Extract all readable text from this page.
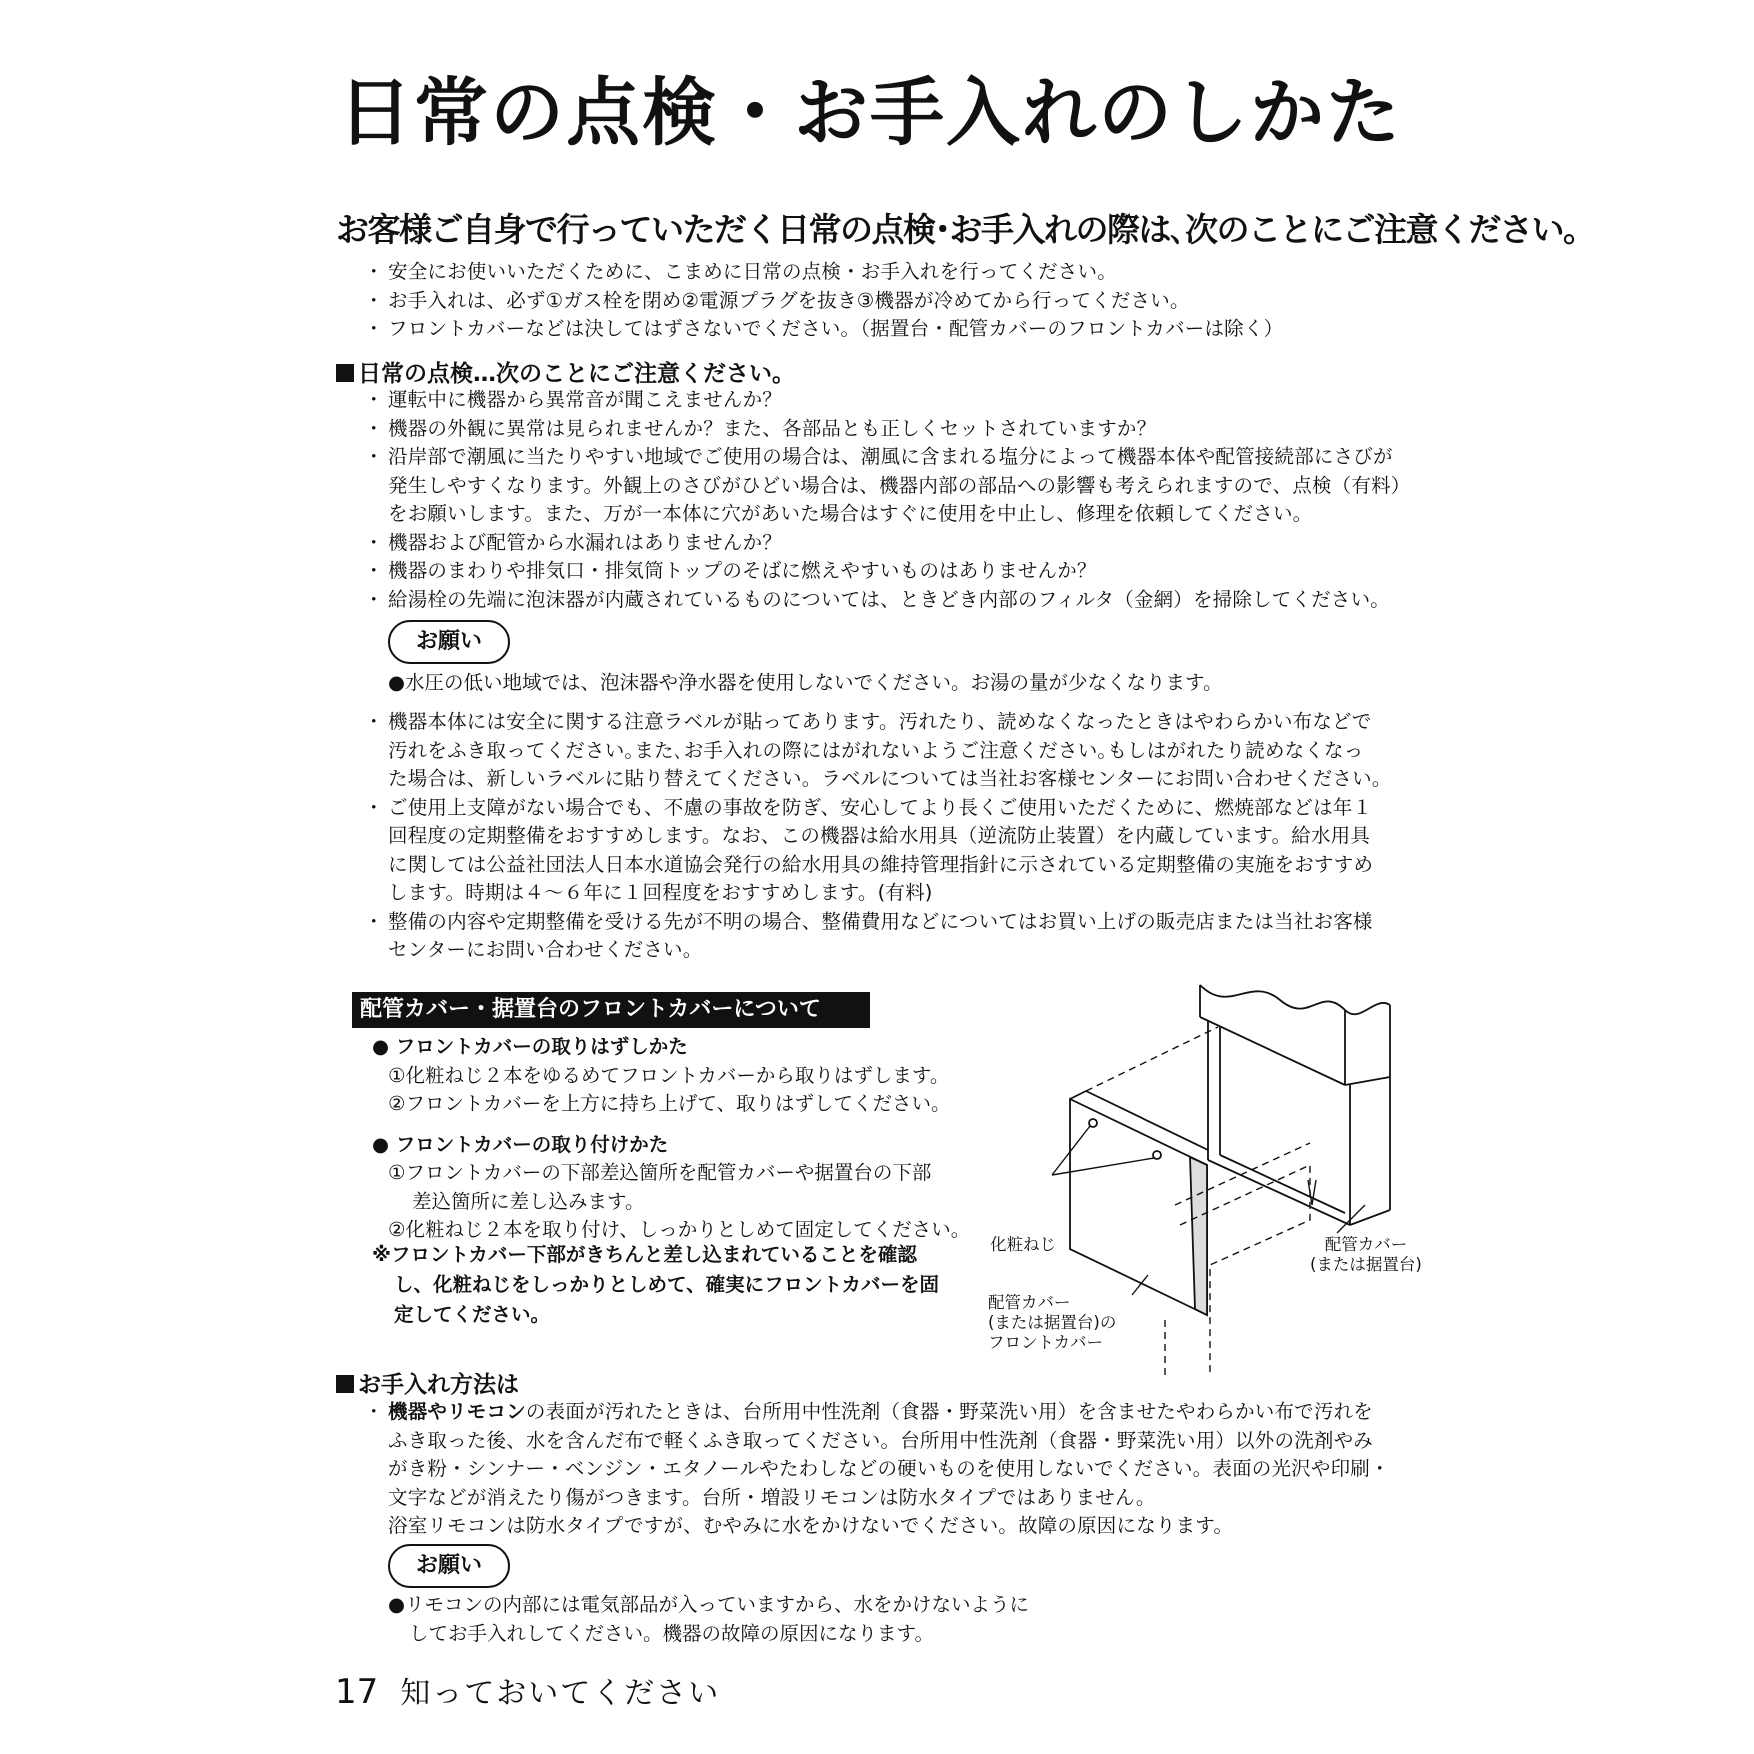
日常の点検・お手入れのしかた
お客様ご自身で行っていただく日常の点検･お手入れの際は､次のことにご注意ください｡
・ 安全にお使いいただくために、こまめに日常の点検・お手入れを行ってください。
・ お手入れは、必ず①ガス栓を閉め②電源プラグを抜き③機器が冷めてから行ってください。
・ フロントカバーなどは決してはずさないでください。（据置台・配管カバーのフロントカバーは除く）
日常の点検…次のことにご注意ください。
・ 運転中に機器から異常音が聞こえませんか？
・ 機器の外観に異常は見られませんか？また、各部品とも正しくセットされていますか？
・ 沿岸部で潮風に当たりやすい地域でご使用の場合は、潮風に含まれる塩分によって機器本体や配管接続部にさびが
発生しやすくなります。外観上のさびがひどい場合は、機器内部の部品への影響も考えられますので、点検（有料）
をお願いします。また、万が一本体に穴があいた場合はすぐに使用を中止し、修理を依頼してください。
・ 機器および配管から水漏れはありませんか？
・ 機器のまわりや排気口・排気筒トップのそばに燃えやすいものはありませんか？
・ 給湯栓の先端に泡沫器が内蔵されているものについては、ときどき内部のフィルタ（金網）を掃除してください。
お願い
●水圧の低い地域では、泡沫器や浄水器を使用しないでください。お湯の量が少なくなります。
・ 機器本体には安全に関する注意ラベルが貼ってあります。汚れたり、読めなくなったときはやわらかい布などで
汚れをふき取ってください｡また､お手入れの際にはがれないようご注意ください｡もしはがれたり読めなくなっ
た場合は、新しいラベルに貼り替えてください。ラベルについては当社お客様センターにお問い合わせください。
・ ご使用上支障がない場合でも、不慮の事故を防ぎ、安心してより長くご使用いただくために、燃焼部などは年１
回程度の定期整備をおすすめします。なお、この機器は給水用具（逆流防止装置）を内蔵しています。給水用具
に関しては公益社団法人日本水道協会発行の給水用具の維持管理指針に示されている定期整備の実施をおすすめ
します。時期は４～６年に１回程度をおすすめします。(有料)
・ 整備の内容や定期整備を受ける先が不明の場合、整備費用などについてはお買い上げの販売店または当社お客様
センターにお問い合わせください。
配管カバー・据置台のフロントカバーについて
● フロントカバーの取りはずしかた
①化粧ねじ２本をゆるめてフロントカバーから取りはずします。
②フロントカバーを上方に持ち上げて、取りはずしてください。
● フロントカバーの取り付けかた
①フロントカバーの下部差込箇所を配管カバーや据置台の下部
差込箇所に差し込みます。
②化粧ねじ２本を取り付け、しっかりとしめて固定してください。
※フロントカバー下部がきちんと差し込まれていることを確認
し、化粧ねじをしっかりとしめて、確実にフロントカバーを固
定してください。
化粧ねじ	配管カバー
(または据置台)
配管カバー
(または据置台)の
フロントカバー
お手入れ方法は
・ 機器やリモコンの表面が汚れたときは、台所用中性洗剤（食器・野菜洗い用）を含ませたやわらかい布で汚れを
ふき取った後、水を含んだ布で軽くふき取ってください。台所用中性洗剤（食器・野菜洗い用）以外の洗剤やみ
がき粉・シンナー・ベンジン・エタノールやたわしなどの硬いものを使用しないでください。表面の光沢や印刷・
文字などが消えたり傷がつきます。台所・増設リモコンは防水タイプではありません。
浴室リモコンは防水タイプですが、むやみに水をかけないでください。故障の原因になります。
お願い
●リモコンの内部には電気部品が入っていますから、水をかけないように
してお手入れしてください。機器の故障の原因になります。
17 知っておいてください
